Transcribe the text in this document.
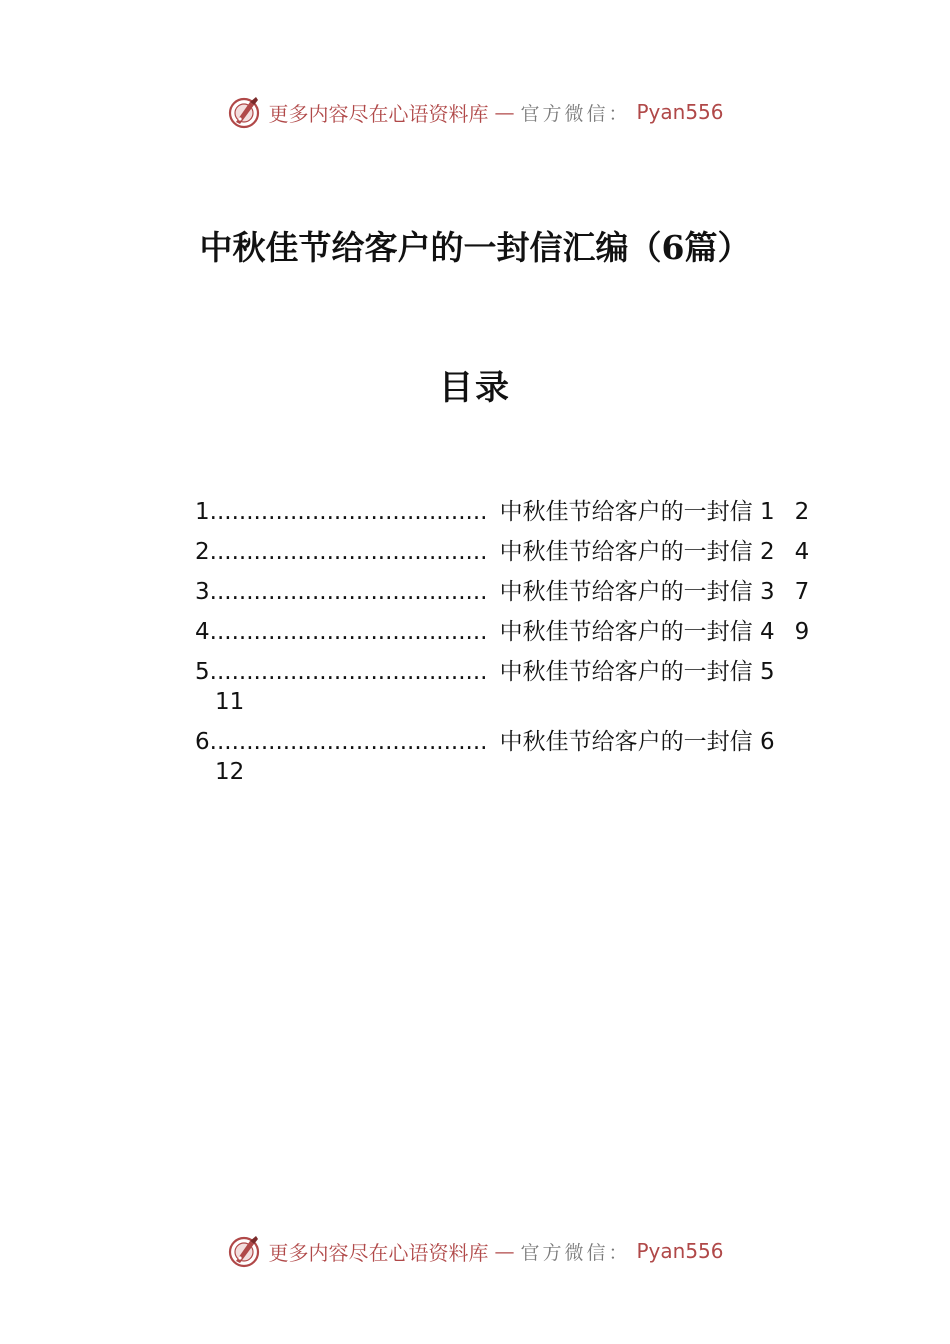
更多内容尽在心语资料库 — 官方微信： Pyan556
中秋佳节给客户的一封信汇编（6篇）
目录
1 ...................................... 中秋佳节给客户的一封信 1 2
2 ...................................... 中秋佳节给客户的一封信 2 4
3 ...................................... 中秋佳节给客户的一封信 3 7
4 ...................................... 中秋佳节给客户的一封信 4 9
5 ...................................... 中秋佳节给客户的一封信 5
11
6 ...................................... 中秋佳节给客户的一封信 6
12
更多内容尽在心语资料库 — 官方微信： Pyan556
